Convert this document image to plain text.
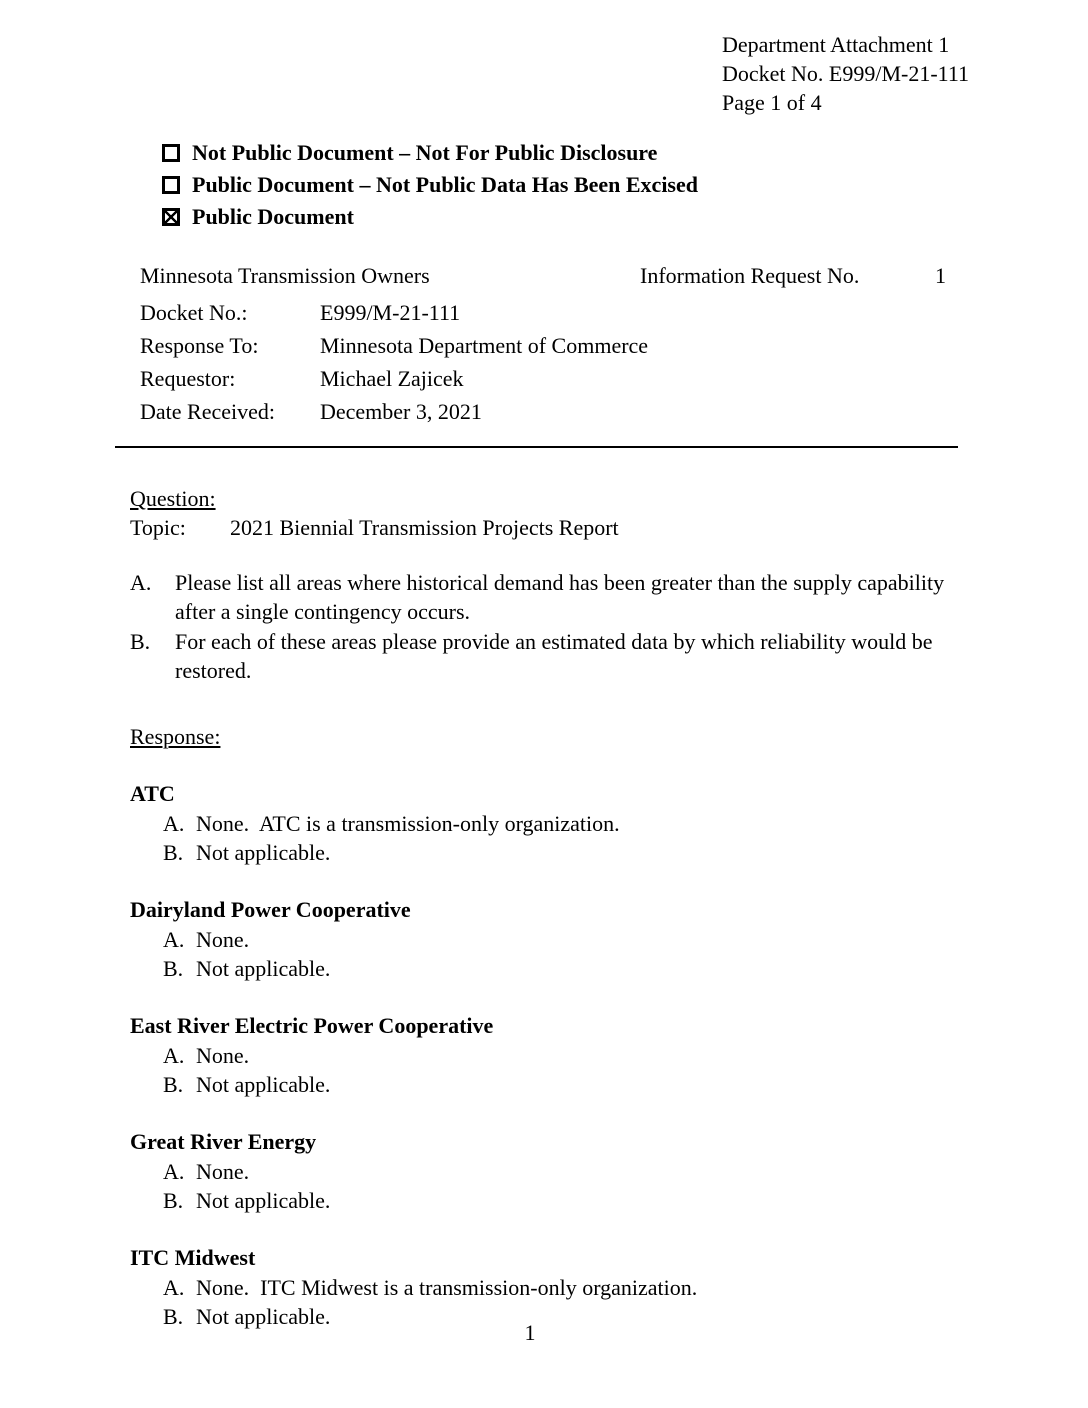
Department Attachment 1
Docket No. E999/M-21-111
Page 1 of 4
Not Public Document – Not For Public Disclosure
Public Document – Not Public Data Has Been Excised
Public Document
Minnesota Transmission Owners	Information Request No.	1
Docket No.:	E999/M-21-111
Response To:	Minnesota Department of Commerce
Requestor:	Michael Zajicek
Date Received:	December 3, 2021
Question:
Topic:	2021 Biennial Transmission Projects Report
A.	Please list all areas where historical demand has been greater than the supply capability after a single contingency occurs.
B.	For each of these areas please provide an estimated data by which reliability would be restored.
Response:
ATC
A. None.  ATC is a transmission-only organization.
B. Not applicable.
Dairyland Power Cooperative
A. None.
B. Not applicable.
East River Electric Power Cooperative
A. None.
B. Not applicable.
Great River Energy
A. None.
B. Not applicable.
ITC Midwest
A. None.  ITC Midwest is a transmission-only organization.
B. Not applicable.
1
